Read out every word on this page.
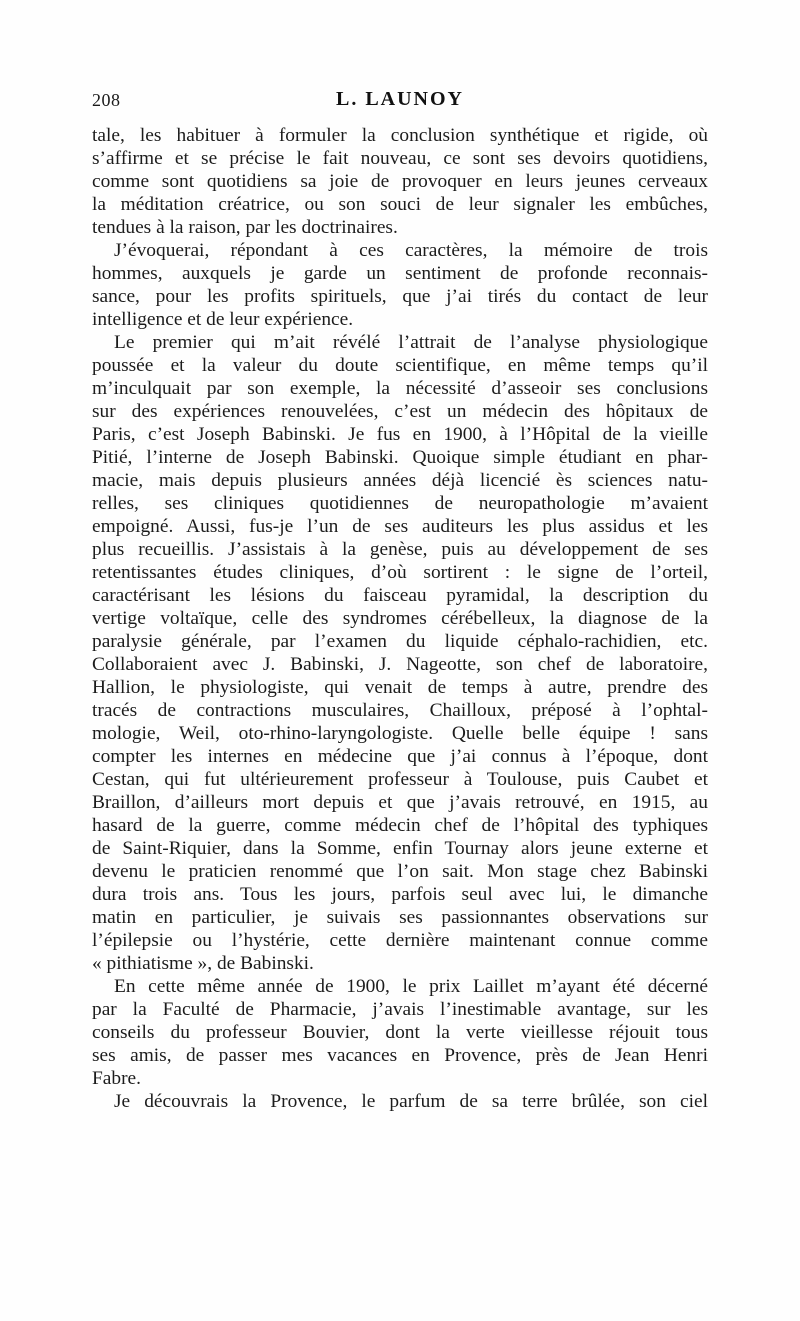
208	L. LAUNOY
tale, les habituer à formuler la conclusion synthétique et rigide, où
s’affirme et se précise le fait nouveau, ce sont ses devoirs quotidiens,
comme sont quotidiens sa joie de provoquer en leurs jeunes cerveaux
la méditation créatrice, ou son souci de leur signaler les embûches,
tendues à la raison, par les doctrinaires.
J’évoquerai, répondant à ces caractères, la mémoire de trois
hommes, auxquels je garde un sentiment de profonde reconnais-
sance, pour les profits spirituels, que j’ai tirés du contact de leur
intelligence et de leur expérience.
Le premier qui m’ait révélé l’attrait de l’analyse physiologique
poussée et la valeur du doute scientifique, en même temps qu’il
m’inculquait par son exemple, la nécessité d’asseoir ses conclusions
sur des expériences renouvelées, c’est un médecin des hôpitaux de
Paris, c’est Joseph Babinski. Je fus en 1900, à l’Hôpital de la vieille
Pitié, l’interne de Joseph Babinski. Quoique simple étudiant en phar-
macie, mais depuis plusieurs années déjà licencié ès sciences natu-
relles, ses cliniques quotidiennes de neuropathologie m’avaient
empoigné. Aussi, fus-je l’un de ses auditeurs les plus assidus et les
plus recueillis. J’assistais à la genèse, puis au développement de ses
retentissantes études cliniques, d’où sortirent : le signe de l’orteil,
caractérisant les lésions du faisceau pyramidal, la description du
vertige voltaïque, celle des syndromes cérébelleux, la diagnose de la
paralysie générale, par l’examen du liquide céphalo-rachidien, etc.
Collaboraient avec J. Babinski, J. Nageotte, son chef de laboratoire,
Hallion, le physiologiste, qui venait de temps à autre, prendre des
tracés de contractions musculaires, Chailloux, préposé à l’ophtal-
mologie, Weil, oto-rhino-laryngologiste. Quelle belle équipe ! sans
compter les internes en médecine que j’ai connus à l’époque, dont
Cestan, qui fut ultérieurement professeur à Toulouse, puis Caubet et
Braillon, d’ailleurs mort depuis et que j’avais retrouvé, en 1915, au
hasard de la guerre, comme médecin chef de l’hôpital des typhiques
de Saint-Riquier, dans la Somme, enfin Tournay alors jeune externe et
devenu le praticien renommé que l’on sait. Mon stage chez Babinski
dura trois ans. Tous les jours, parfois seul avec lui, le dimanche
matin en particulier, je suivais ses passionnantes observations sur
l’épilepsie ou l’hystérie, cette dernière maintenant connue comme
« pithiatisme », de Babinski.
En cette même année de 1900, le prix Laillet m’ayant été décerné
par la Faculté de Pharmacie, j’avais l’inestimable avantage, sur les
conseils du professeur Bouvier, dont la verte vieillesse réjouit tous
ses amis, de passer mes vacances en Provence, près de Jean Henri
Fabre.
Je découvrais la Provence, le parfum de sa terre brûlée, son ciel
